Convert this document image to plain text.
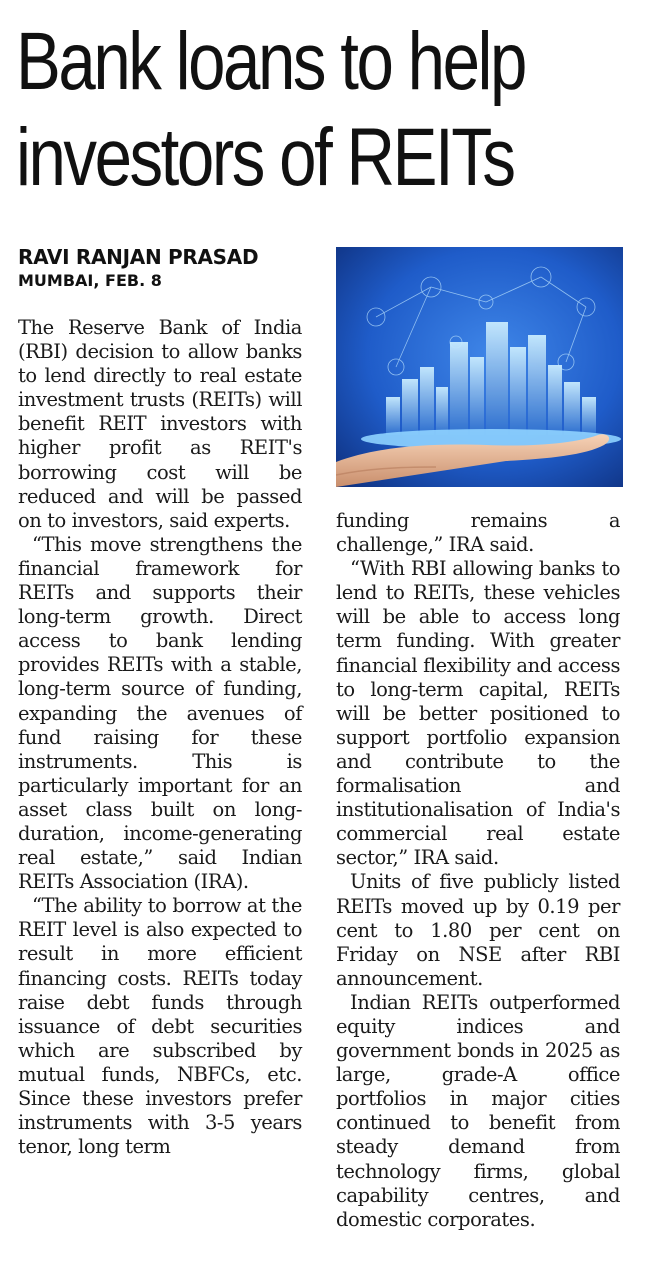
Bank loans to help
investors of REITs
RAVI RANJAN PRASAD
MUMBAI, FEB. 8

The Reserve Bank of India (RBI) decision to allow banks to lend directly to real estate investment trusts (REITs) will benefit REIT investors with higher profit as REIT's borrowing cost will be reduced and will be passed on to investors, said experts.

“This move strengthens the financial framework for REITs and supports their long-term growth. Direct access to bank lending provides REITs with a stable, long-term source of funding, expanding the avenues of fund raising for these instruments. This is particularly important for an asset class built on long-duration, income-generating real estate,” said Indian REITs Association (IRA).

“The ability to borrow at the REIT level is also expected to result in more efficient financing costs. REITs today raise debt funds through issuance of debt securities which are subscribed by mutual funds, NBFCs, etc. Since these investors prefer instruments with 3-5 years tenor, long term

funding remains a challenge,” IRA said.

“With RBI allowing banks to lend to REITs, these vehicles will be able to access long term funding. With greater financial flexibility and access to long-term capital, REITs will be better positioned to support portfolio expansion and contribute to the formalisation and institutionalisation of India's commercial real estate sector,” IRA said.

Units of five publicly listed REITs moved up by 0.19 per cent to 1.80 per cent on Friday on NSE after RBI announcement.

Indian REITs outperformed equity indices and government bonds in 2025 as large, grade-A office portfolios in major cities continued to benefit from steady demand from technology firms, global capability centres, and domestic corporates.
